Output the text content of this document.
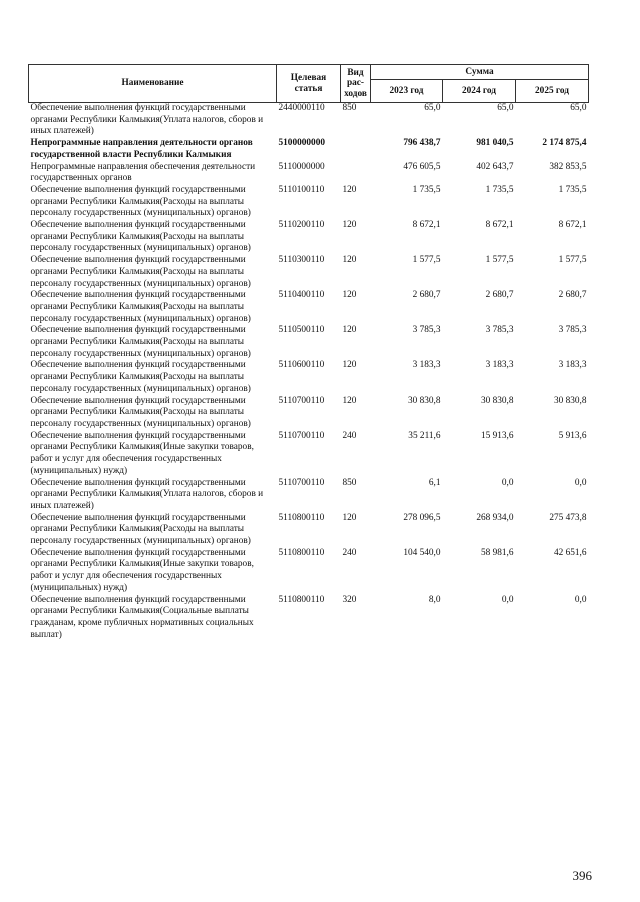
Наименование	Целевая статья	Вид рас-ходов	Сумма		
			2023 год	2024 год	2025 год
Обеспечение выполнения функций государственными органами Республики Калмыкия(Уплата налогов, сборов и иных платежей)	2440000110	850	65,0	65,0	65,0
Непрограммные направления деятельности органов государственной власти Республики Калмыкия	5100000000		796 438,7	981 040,5	2 174 875,4
Непрограммные направления обеспечения деятельности государственных органов	5110000000		476 605,5	402 643,7	382 853,5
Обеспечение выполнения функций государственными органами Республики Калмыкия(Расходы на выплаты персоналу государственных (муниципальных) органов)	5110100110	120	1 735,5	1 735,5	1 735,5
Обеспечение выполнения функций государственными органами Республики Калмыкия(Расходы на выплаты персоналу государственных (муниципальных) органов)	5110200110	120	8 672,1	8 672,1	8 672,1
Обеспечение выполнения функций государственными органами Республики Калмыкия(Расходы на выплаты персоналу государственных (муниципальных) органов)	5110300110	120	1 577,5	1 577,5	1 577,5
Обеспечение выполнения функций государственными органами Республики Калмыкия(Расходы на выплаты персоналу государственных (муниципальных) органов)	5110400110	120	2 680,7	2 680,7	2 680,7
Обеспечение выполнения функций государственными органами Республики Калмыкия(Расходы на выплаты персоналу государственных (муниципальных) органов)	5110500110	120	3 785,3	3 785,3	3 785,3
Обеспечение выполнения функций государственными органами Республики Калмыкия(Расходы на выплаты персоналу государственных (муниципальных) органов)	5110600110	120	3 183,3	3 183,3	3 183,3
Обеспечение выполнения функций государственными органами Республики Калмыкия(Расходы на выплаты персоналу государственных (муниципальных) органов)	5110700110	120	30 830,8	30 830,8	30 830,8
Обеспечение выполнения функций государственными органами Республики Калмыкия(Иные закупки товаров, работ и услуг для обеспечения государственных (муниципальных) нужд)	5110700110	240	35 211,6	15 913,6	5 913,6
Обеспечение выполнения функций государственными органами Республики Калмыкия(Уплата налогов, сборов и иных платежей)	5110700110	850	6,1	0,0	0,0
Обеспечение выполнения функций государственными органами Республики Калмыкия(Расходы на выплаты персоналу государственных (муниципальных) органов)	5110800110	120	278 096,5	268 934,0	275 473,8
Обеспечение выполнения функций государственными органами Республики Калмыкия(Иные закупки товаров, работ и услуг для обеспечения государственных (муниципальных) нужд)	5110800110	240	104 540,0	58 981,6	42 651,6
Обеспечение выполнения функций государственными органами Республики Калмыкия(Социальные выплаты гражданам, кроме публичных нормативных социальных выплат)	5110800110	320	8,0	0,0	0,0
396
